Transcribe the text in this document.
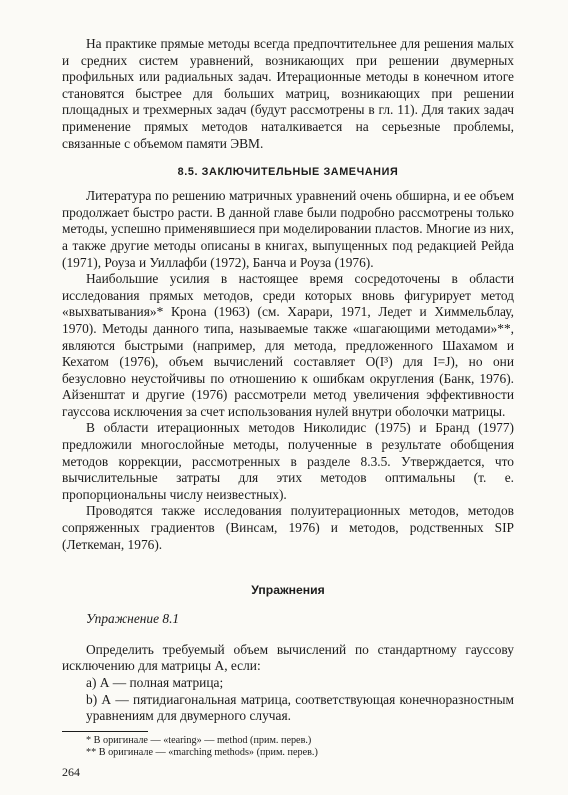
На практике прямые методы всегда предпочтительнее для решения малых и средних систем уравнений, возникающих при решении двумерных профильных или радиальных задач. Итерационные методы в конечном итоге становятся быстрее для больших матриц, возникающих при решении площадных и трехмерных задач (будут рассмотрены в гл. 11). Для таких задач применение прямых методов наталкивается на серьезные проблемы, связанные с объемом памяти ЭВМ.

8.5. ЗАКЛЮЧИТЕЛЬНЫЕ ЗАМЕЧАНИЯ

Литература по решению матричных уравнений очень обширна, и ее объем продолжает быстро расти. В данной главе были подробно рассмотрены только методы, успешно применявшиеся при моделировании пластов. Многие из них, а также другие методы описаны в книгах, выпущенных под редакцией Рейда (1971), Роуза и Уиллафби (1972), Банча и Роуза (1976).

Наибольшие усилия в настоящее время сосредоточены в области исследования прямых методов, среди которых вновь фигурирует метод «выхватывания»* Крона (1963) (см. Харари, 1971, Ледет и Химмельблау, 1970). Методы данного типа, называемые также «шагающими методами»**, являются быстрыми (например, для метода, предложенного Шахамом и Кехатом (1976), объем вычислений составляет O(I³) для I=J), но они безусловно неустойчивы по отношению к ошибкам округления (Банк, 1976). Айзенштат и другие (1976) рассмотрели метод увеличения эффективности гауссова исключения за счет использования нулей внутри оболочки матрицы.

В области итерационных методов Николидис (1975) и Бранд (1977) предложили многослойные методы, полученные в результате обобщения методов коррекции, рассмотренных в разделе 8.3.5. Утверждается, что вычислительные затраты для этих методов оптимальны (т. е. пропорциональны числу неизвестных).

Проводятся также исследования полуитерационных методов, методов сопряженных градиентов (Винсам, 1976) и методов, родственных SIP (Леткеман, 1976).

Упражнения
Упражнение 8.1

Определить требуемый объем вычислений по стандартному гауссову исключению для матрицы А, если:

а) А — полная матрица;
b) А — пятидиагональная матрица, соответствующая конечноразностным уравнениям для двумерного случая.
* В оригинале — «tearing» — method (прим. перев.)
** В оригинале — «marching methods» (прим. перев.)
264
